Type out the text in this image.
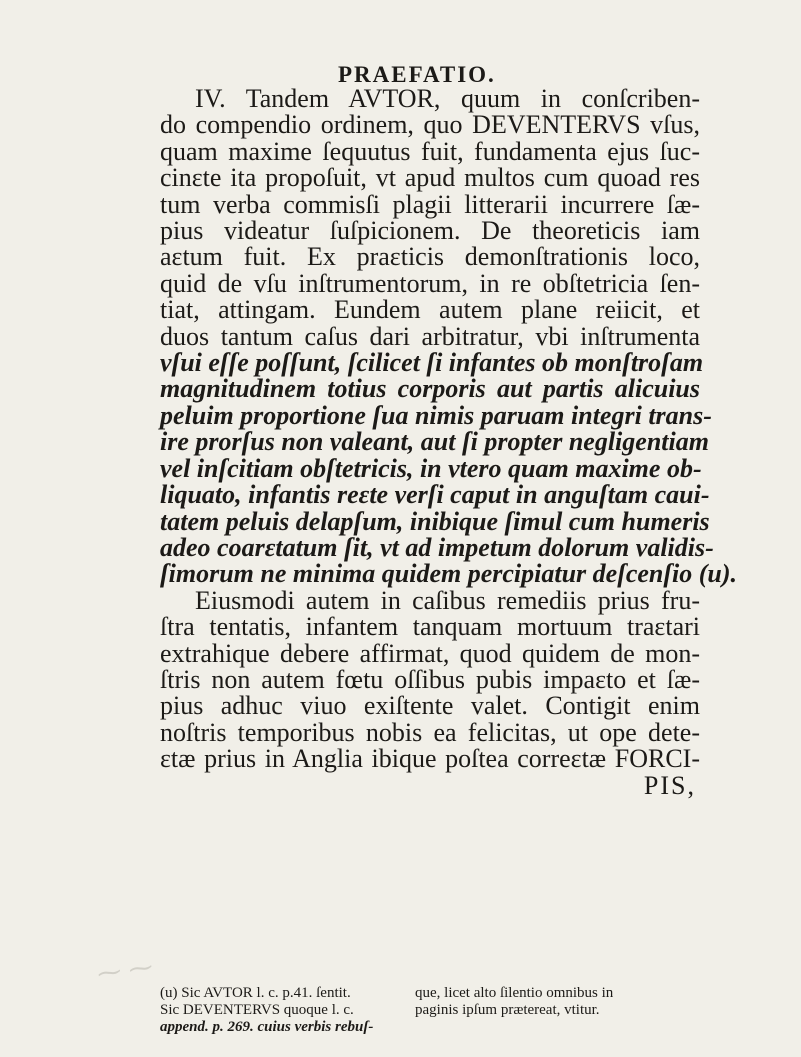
⁓ ⁓
PRAEFATIO.
IV. Tandem AVTOR, quum in conſcriben-
do compendio ordinem, quo DEVENTERVS vſus,
quam maxime ſequutus fuit, fundamenta ejus ſuc-
cinɛte ita propoſuit, vt apud multos cum quoad res
tum verba commisſi plagii litterarii incurrere ſæ-
pius videatur ſuſpicionem. De theoreticis iam
aɛtum fuit. Ex praɛticis demonſtrationis loco,
quid de vſu inſtrumentorum, in re obſtetricia ſen-
tiat, attingam. Eundem autem plane reiicit, et
duos tantum caſus dari arbitratur, vbi inſtrumenta
vſui eſſe poſſunt, ſcilicet ſi infantes ob monſtroſam
magnitudinem totius corporis aut partis alicuius
peluim proportione ſua nimis paruam integri trans-
ire prorſus non valeant, aut ſi propter negligentiam
vel inſcitiam obſtetricis, in vtero quam maxime ob-
liquato, infantis reɛte verſi caput in anguſtam caui-
tatem peluis delapſum, inibique ſimul cum humeris
adeo coarɛtatum ſit, vt ad impetum dolorum validis-
ſimorum ne minima quidem percipiatur deſcenſio (u).
Eiusmodi autem in caſibus remediis prius fru-
ſtra tentatis, infantem tanquam mortuum traɛtari
extrahique debere affirmat, quod quidem de mon-
ſtris non autem fœtu oſſibus pubis impaɛto et ſæ-
pius adhuc viuo exiſtente valet. Contigit enim
noſtris temporibus nobis ea felicitas, ut ope dete-
ɛtæ prius in Anglia ibique poſtea correɛtæ FORCI-
PIS,
(u) Sic AVTOR l. c. p.41. ſentit.
Sic DEVENTERVS quoque l. c.
append. p. 269. cuius verbis rebuſ-
que, licet alto ſilentio omnibus in
paginis ipſum prætereat, vtitur.
